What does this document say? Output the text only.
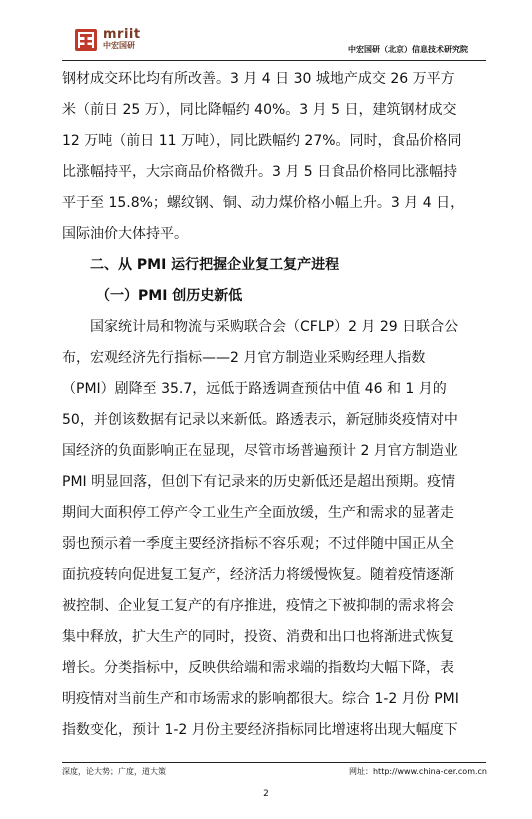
mriit
中宏国研	中宏国研（北京）信息技术研究院
钢材成交环比均有所改善。3 月 4 日 30 城地产成交 26 万平方
米（前日 25 万），同比降幅约 40%。3 月 5 日，建筑钢材成交
12 万吨（前日 11 万吨），同比跌幅约 27%。同时，食品价格同
比涨幅持平，大宗商品价格微升。3 月 5 日食品价格同比涨幅持
平于至 15.8%；螺纹钢、铜、动力煤价格小幅上升。3 月 4 日，
国际油价大体持平。
二、从 PMI 运行把握企业复工复产进程
（一）PMI 创历史新低
国家统计局和物流与采购联合会（CFLP）2 月 29 日联合公
布，宏观经济先行指标——2 月官方制造业采购经理人指数
（PMI）剧降至 35.7，远低于路透调查预估中值 46 和 1 月的
50，并创该数据有记录以来新低。路透表示，新冠肺炎疫情对中
国经济的负面影响正在显现，尽管市场普遍预计 2 月官方制造业
PMI 明显回落，但创下有记录来的历史新低还是超出预期。疫情
期间大面积停工停产令工业生产全面放缓，生产和需求的显著走
弱也预示着一季度主要经济指标不容乐观；不过伴随中国正从全
面抗疫转向促进复工复产，经济活力将缓慢恢复。随着疫情逐渐
被控制、企业复工复产的有序推进，疫情之下被抑制的需求将会
集中释放，扩大生产的同时，投资、消费和出口也将渐进式恢复
增长。分类指标中，反映供给端和需求端的指数均大幅下降，表
明疫情对当前生产和市场需求的影响都很大。综合 1-2 月份 PMI
指数变化，预计 1-2 月份主要经济指标同比增速将出现大幅度下
深度，论大势；广度，道大策	网址：http://www.china-cer.com.cn
2
